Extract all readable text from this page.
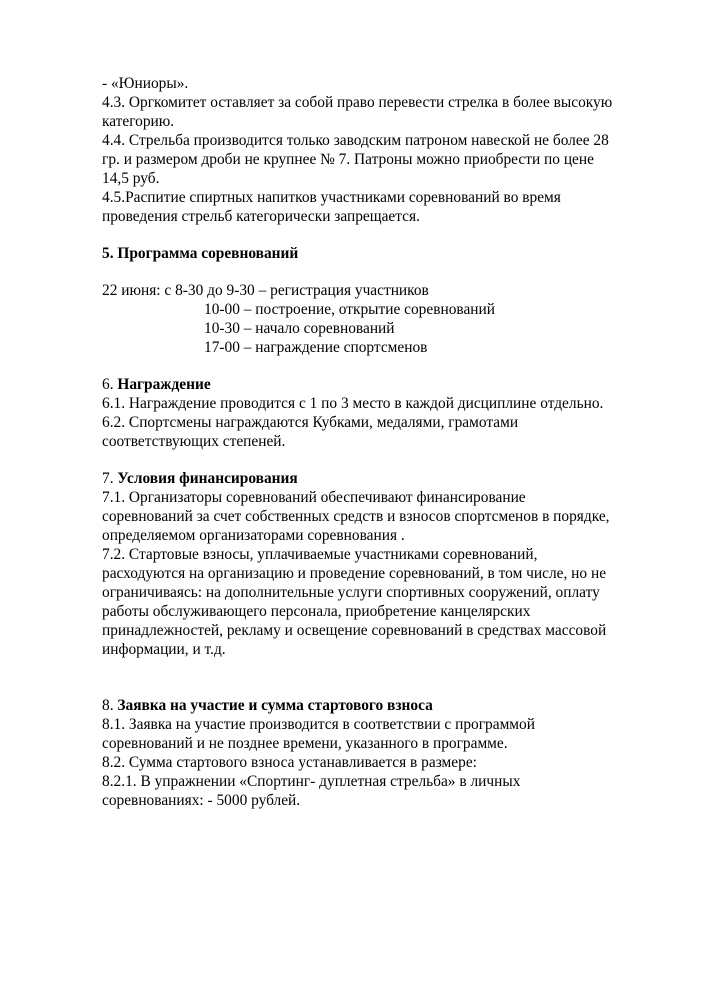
- «Юниоры».

4.3. Оргкомитет оставляет за собой право перевести стрелка в более высокую

категорию.

4.4. Стрельба производится только заводским патроном навеской не более 28

гр. и размером дроби не крупнее № 7. Патроны можно приобрести по цене

14,5 руб.

4.5.Распитие спиртных напитков участниками соревнований во время

проведения стрельб категорически запрещается.

5. Программа соревнований

22 июня: с 8-30 до 9-30 – регистрация участников

10-00 – построение, открытие соревнований

10-30 – начало соревнований

17-00 – награждение спортсменов

6. Награждение

6.1. Награждение проводится с 1 по 3 место в каждой дисциплине отдельно.

6.2. Спортсмены награждаются Кубками, медалями, грамотами

соответствующих степеней.

7. Условия финансирования

7.1. Организаторы соревнований обеспечивают финансирование

соревнований за счет собственных средств и взносов спортсменов в порядке,

определяемом организаторами соревнования .

7.2. Стартовые взносы, уплачиваемые участниками соревнований,

расходуются на организацию и проведение соревнований, в том числе, но не

ограничиваясь: на дополнительные услуги спортивных сооружений, оплату

работы обслуживающего персонала, приобретение канцелярских

принадлежностей, рекламу и освещение соревнований в средствах массовой

информации, и т.д.

8. Заявка на участие и сумма стартового взноса

8.1. Заявка на участие производится в соответствии с программой

соревнований и не позднее времени, указанного в программе.

8.2. Сумма стартового взноса устанавливается в размере:

8.2.1. В упражнении «Спортинг- дуплетная стрельба» в личных

соревнованиях: - 5000 рублей.
